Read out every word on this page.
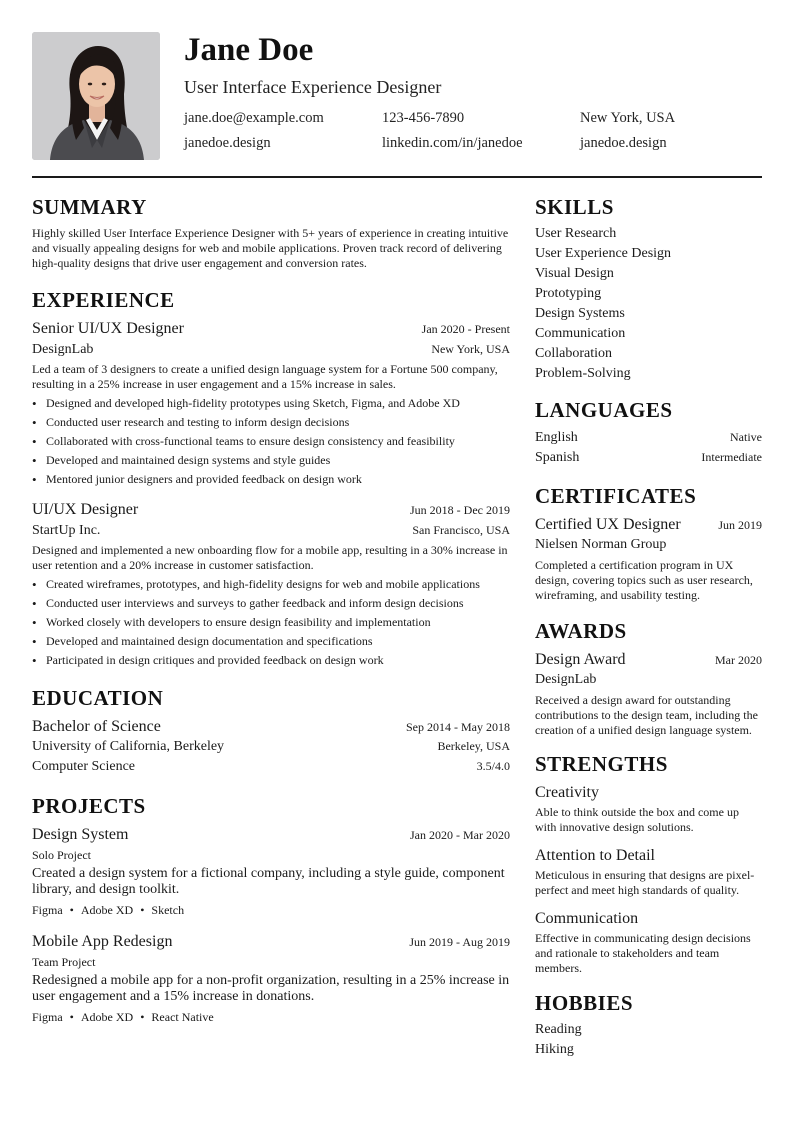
Jane Doe
User Interface Experience Designer
jane.doe@example.com	123-456-7890	New York, USA
janedoe.design	linkedin.com/in/janedoe	janedoe.design
SUMMARY
Highly skilled User Interface Experience Designer with 5+ years of experience in creating intuitive and visually appealing designs for web and mobile applications. Proven track record of delivering high-quality designs that drive user engagement and conversion rates.
EXPERIENCE
Senior UI/UX Designer	Jan 2020 - Present
DesignLab	New York, USA
Led a team of 3 designers to create a unified design language system for a Fortune 500 company, resulting in a 25% increase in user engagement and a 15% increase in sales.
• Designed and developed high-fidelity prototypes using Sketch, Figma, and Adobe XD
• Conducted user research and testing to inform design decisions
• Collaborated with cross-functional teams to ensure design consistency and feasibility
• Developed and maintained design systems and style guides
• Mentored junior designers and provided feedback on design work
UI/UX Designer	Jun 2018 - Dec 2019
StartUp Inc.	San Francisco, USA
Designed and implemented a new onboarding flow for a mobile app, resulting in a 30% increase in user retention and a 20% increase in customer satisfaction.
• Created wireframes, prototypes, and high-fidelity designs for web and mobile applications
• Conducted user interviews and surveys to gather feedback and inform design decisions
• Worked closely with developers to ensure design feasibility and implementation
• Developed and maintained design documentation and specifications
• Participated in design critiques and provided feedback on design work
EDUCATION
Bachelor of Science	Sep 2014 - May 2018
University of California, Berkeley	Berkeley, USA
Computer Science	3.5/4.0
PROJECTS
Design System	Jan 2020 - Mar 2020
Solo Project
Created a design system for a fictional company, including a style guide, component library, and design toolkit.
Figma • Adobe XD • Sketch
Mobile App Redesign	Jun 2019 - Aug 2019
Team Project
Redesigned a mobile app for a non-profit organization, resulting in a 25% increase in user engagement and a 15% increase in donations.
Figma • Adobe XD • React Native
SKILLS
User Research
User Experience Design
Visual Design
Prototyping
Design Systems
Communication
Collaboration
Problem-Solving
LANGUAGES
English	Native
Spanish	Intermediate
CERTIFICATES
Certified UX Designer	Jun 2019
Nielsen Norman Group
Completed a certification program in UX design, covering topics such as user research, wireframing, and usability testing.
AWARDS
Design Award	Mar 2020
DesignLab
Received a design award for outstanding contributions to the design team, including the creation of a unified design language system.
STRENGTHS
Creativity
Able to think outside the box and come up with innovative design solutions.
Attention to Detail
Meticulous in ensuring that designs are pixel-perfect and meet high standards of quality.
Communication
Effective in communicating design decisions and rationale to stakeholders and team members.
HOBBIES
Reading
Hiking
